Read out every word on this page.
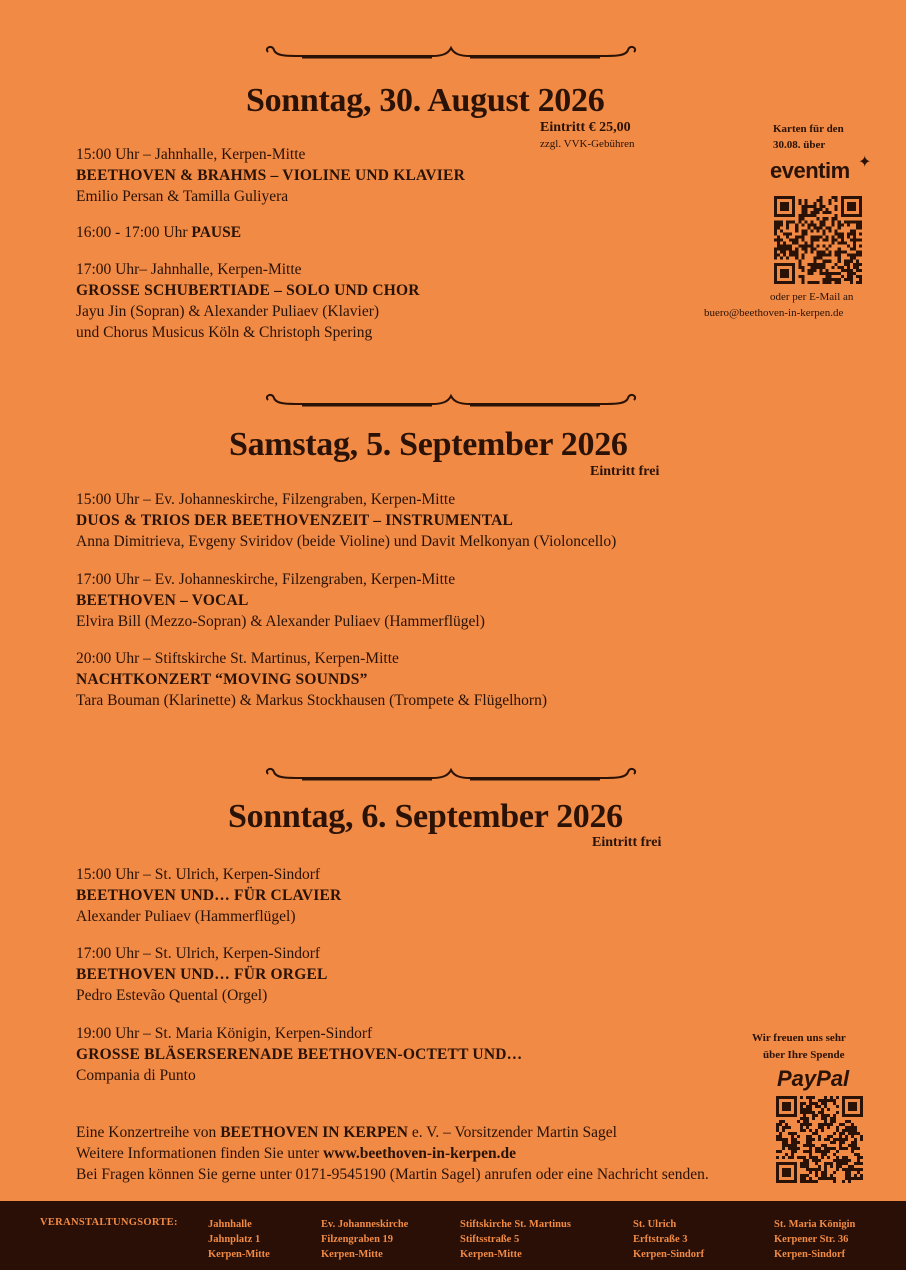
Sonntag, 30. August 2026
Eintritt € 25,00
zzgl. VVK-Gebühren
15:00 Uhr – Jahnhalle, Kerpen-Mitte
BEETHOVEN & BRAHMS – VIOLINE UND KLAVIER
Emilio Persan & Tamilla Guliyera
16:00 - 17:00 Uhr PAUSE
17:00 Uhr– Jahnhalle, Kerpen-Mitte
GROSSE SCHUBERTIADE – SOLO UND CHOR
Jayu Jin (Sopran) & Alexander Puliaev (Klavier)
und Chorus Musicus Köln & Christoph Spering
Karten für den
30.08. über
eventim ✦
oder per E-Mail an
buero@beethoven-in-kerpen.de
Samstag, 5. September 2026
Eintritt frei
15:00 Uhr – Ev. Johanneskirche, Filzengraben, Kerpen-Mitte
DUOS & TRIOS DER BEETHOVENZEIT – INSTRUMENTAL
Anna Dimitrieva, Evgeny Sviridov (beide Violine) und Davit Melkonyan (Violoncello)
17:00 Uhr – Ev. Johanneskirche, Filzengraben, Kerpen-Mitte
BEETHOVEN – VOCAL
Elvira Bill (Mezzo-Sopran) & Alexander Puliaev (Hammerflügel)
20:00 Uhr – Stiftskirche St. Martinus, Kerpen-Mitte
NACHTKONZERT “MOVING SOUNDS”
Tara Bouman (Klarinette) & Markus Stockhausen (Trompete & Flügelhorn)
Sonntag, 6. September 2026
Eintritt frei
15:00 Uhr – St. Ulrich, Kerpen-Sindorf
BEETHOVEN UND… FÜR CLAVIER
Alexander Puliaev (Hammerflügel)
17:00 Uhr – St. Ulrich, Kerpen-Sindorf
BEETHOVEN UND… FÜR ORGEL
Pedro Estevão Quental (Orgel)
19:00 Uhr – St. Maria Königin, Kerpen-Sindorf
GROSSE BLÄSERSERENADE BEETHOVEN-OCTETT UND…
Compania di Punto
Wir freuen uns sehr
über Ihre Spende
PayPal
Eine Konzertreihe von BEETHOVEN IN KERPEN e. V. – Vorsitzender Martin Sagel
Weitere Informationen finden Sie unter www.beethoven-in-kerpen.de
Bei Fragen können Sie gerne unter 0171-9545190 (Martin Sagel) anrufen oder eine Nachricht senden.
VERANSTALTUNGSORTE:	Jahnhalle
Jahnplatz 1
Kerpen-Mitte
Ev. Johanneskirche
Filzengraben 19
Kerpen-Mitte
Stiftskirche St. Martinus
Stiftsstraße 5
Kerpen-Mitte
St. Ulrich
Erftstraße 3
Kerpen-Sindorf
St. Maria Königin
Kerpener Str. 36
Kerpen-Sindorf
